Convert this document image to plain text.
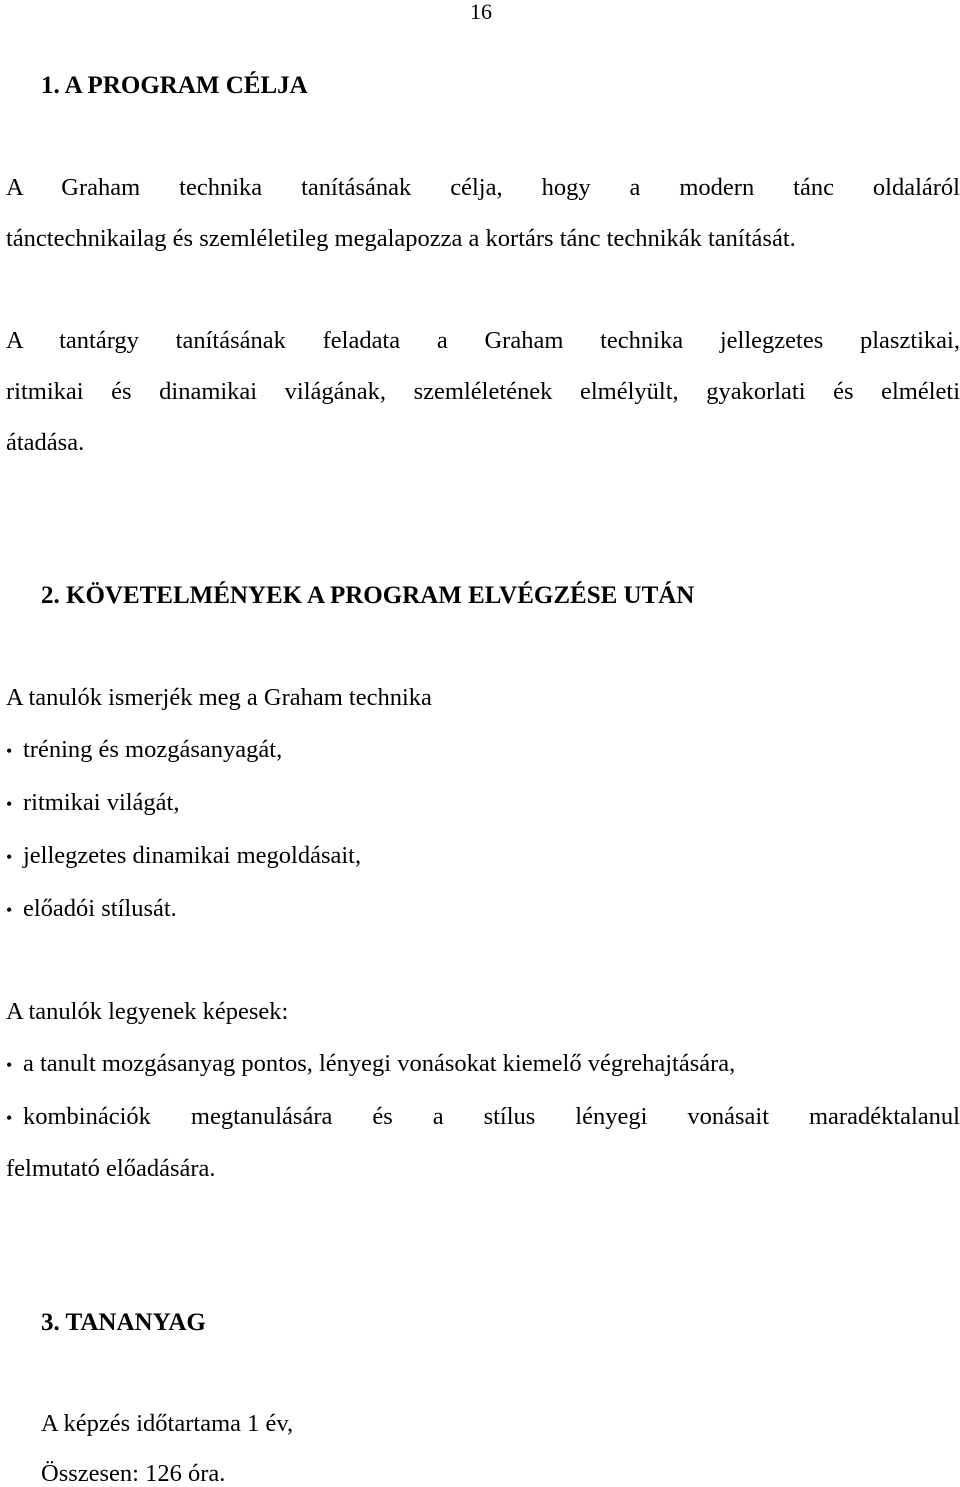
16
1. A PROGRAM CÉLJA
A Graham technika tanításának célja, hogy a modern tánc oldaláról
tánctechnikailag és szemléletileg megalapozza a kortárs tánc technikák tanítását.
A tantárgy tanításának feladata a Graham technika jellegzetes plasztikai,
ritmikai és dinamikai világának, szemléletének elmélyült, gyakorlati és elméleti
átadása.
2. KÖVETELMÉNYEK A PROGRAM ELVÉGZÉSE UTÁN
A tanulók ismerjék meg a Graham technika
• tréning és mozgásanyagát,
• ritmikai világát,
• jellegzetes dinamikai megoldásait,
• előadói stílusát.
A tanulók legyenek képesek:
• a tanult mozgásanyag pontos, lényegi vonásokat kiemelő végrehajtására,
• kombinációk megtanulására és a stílus lényegi vonásait maradéktalanul
felmutató előadására.
3. TANANYAG
A képzés időtartama 1 év,
Összesen: 126 óra.
